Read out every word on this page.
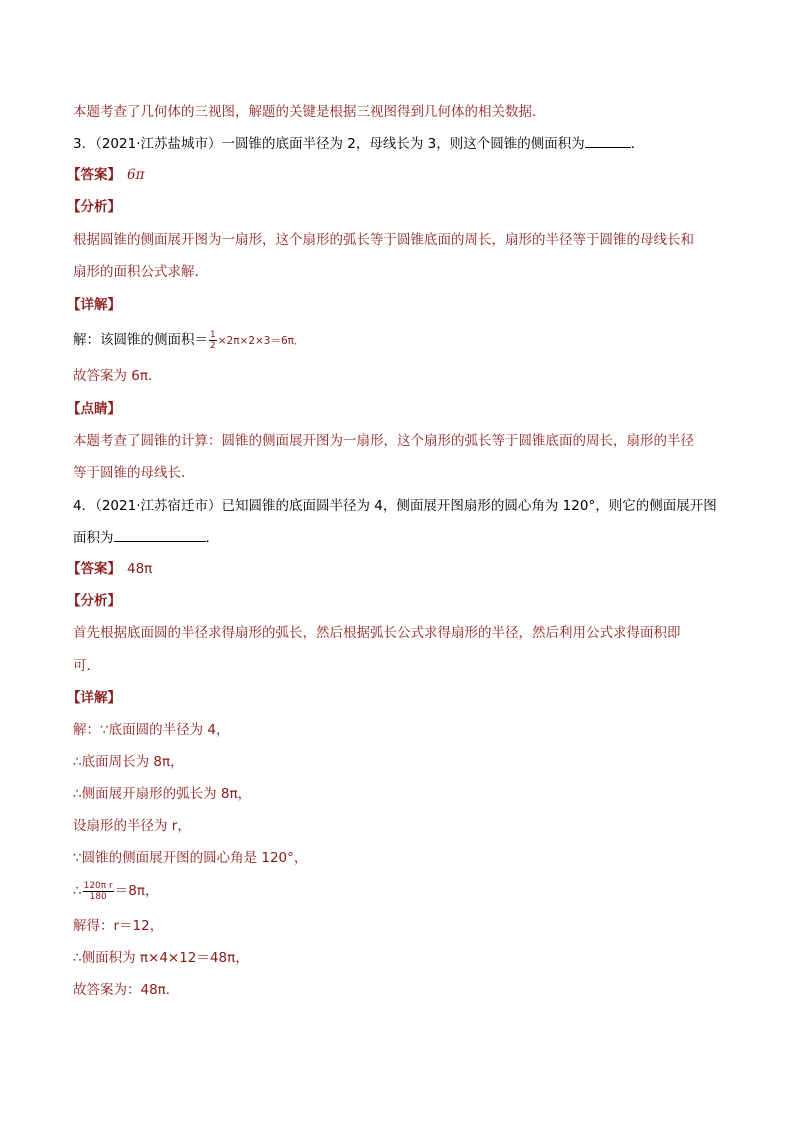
本题考查了几何体的三视图，解题的关键是根据三视图得到几何体的相关数据．
3．（2021·江苏盐城市）一圆锥的底面半径为 2，母线长为 3，则这个圆锥的侧面积为	．
【答案】 6π
【分析】
根据圆锥的侧面展开图为一扇形，这个扇形的弧长等于圆锥底面的周长，扇形的半径等于圆锥的母线长和
扇形的面积公式求解．
【详解】
解：该圆锥的侧面积＝ $\frac{1}{2} \times 2\pi\times 2\times 3=6\pi$．
故答案为 6π．
【点睛】
本题考查了圆锥的计算：圆锥的侧面展开图为一扇形，这个扇形的弧长等于圆锥底面的周长，扇形的半径
等于圆锥的母线长．
4．（2021·江苏宿迁市）已知圆锥的底面圆半径为 4，侧面展开图扇形的圆心角为 120°，则它的侧面展开图
面积为	．
【答案】 48π
【分析】
首先根据底面圆的半径求得扇形的弧长，然后根据弧长公式求得扇形的半径，然后利用公式求得面积即
可．
【详解】
解：∵底面圆的半径为 4，
∴底面周长为 8π，
∴侧面展开扇形的弧长为 8π，
设扇形的半径为 r，
∵圆锥的侧面展开图的圆心角是 120°，
∴ $\frac{\text{120π r}}{180} =8\pi$，
解得：r＝12，
∴侧面积为 π×4×12＝48π，
故答案为：48π．
